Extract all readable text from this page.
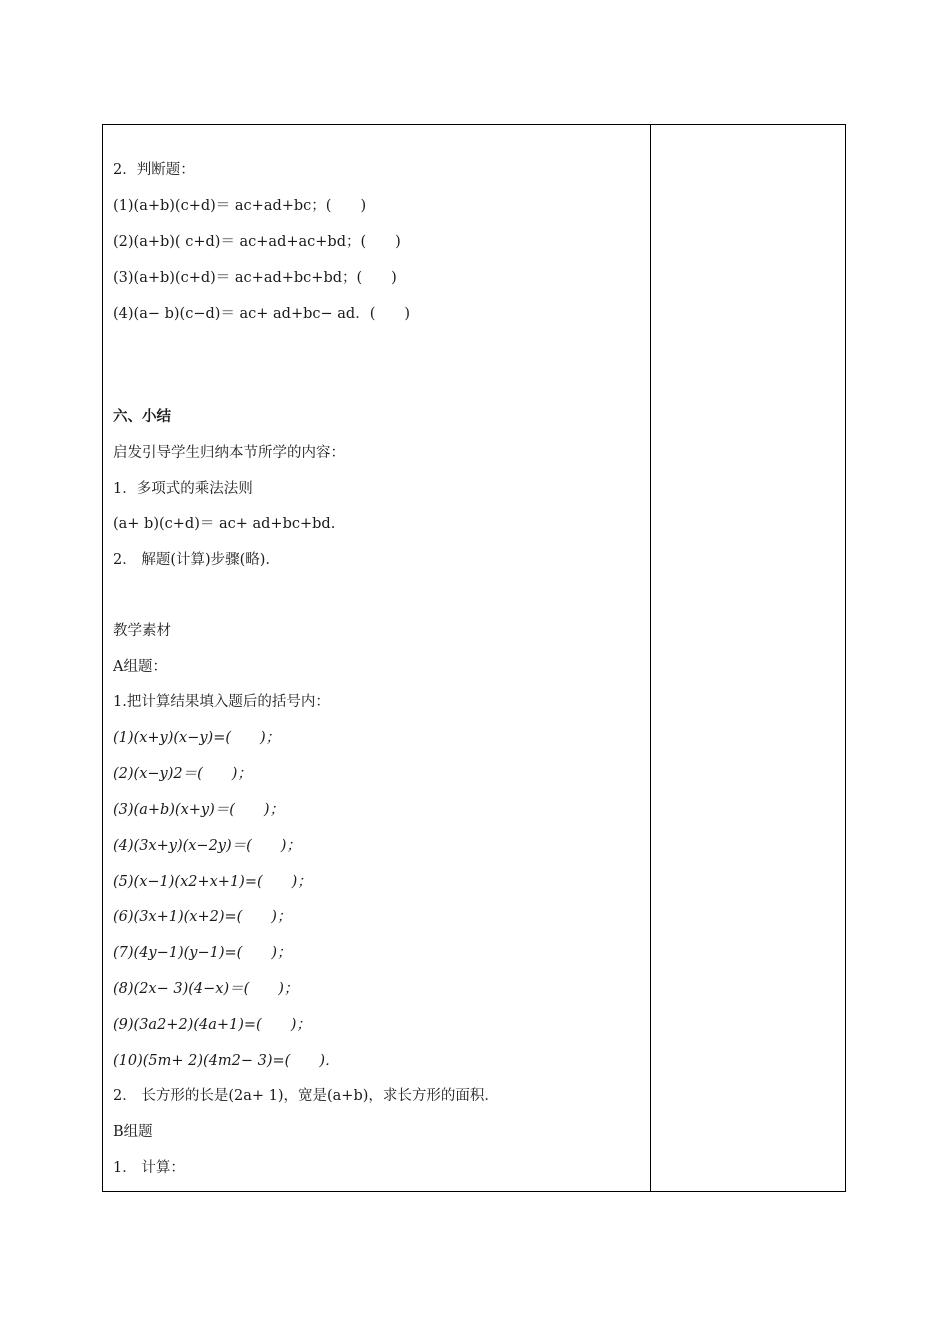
2．判断题：
(1)(a+b)(c+d)＝ ac+ad+bc；(　　)
(2)(a+b)( c+d)＝ ac+ad+ac+bd；(　　)
(3)(a+b)(c+d)＝ ac+ad+bc+bd；(　　)
(4)(a− b)(c−d)＝ ac+ ad+bc− ad．(　　)
六、小结
启发引导学生归纳本节所学的内容：
1．多项式的乘法法则
(a+ b)(c+d)＝ ac+ ad+bc+bd.
2． 解题(计算)步骤(略)．
教学素材
A组题：
1.把计算结果填入题后的括号内：
(1)(x+y)(x−y)=(　　)；
(2)(x−y)2＝(　　)；
(3)(a+b)(x+y)＝(　　)；
(4)(3x+y)(x−2y)＝(　　)；
(5)(x−1)(x2+x+1)=(　　)；
(6)(3x+1)(x+2)=(　　)；
(7)(4y−1)(y−1)=(　　)；
(8)(2x− 3)(4−x)＝(　　)；
(9)(3a2+2)(4a+1)=(　　)；
(10)(5m+ 2)(4m2− 3)=(　　)．
2． 长方形的长是(2a+ 1)，宽是(a+b)，求长方形的面积．
B组题
1． 计算：
